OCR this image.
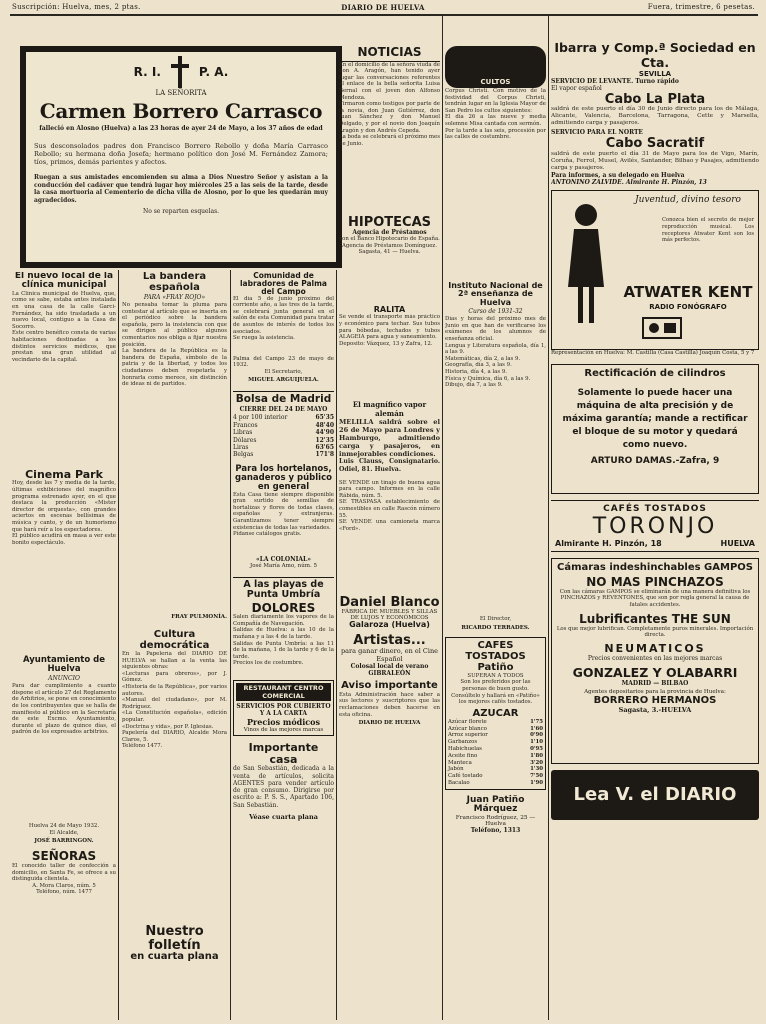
Suscripción: Huelva, mes, 2 ptas.	DIARIO DE HUELVA	Fuera, trimestre, 6 pesetas.
R. I.	P. A.
LA SEÑORITA
Carmen Borrero Carrasco
falleció en Alosno (Huelva) a las 23 horas de ayer 24 de Mayo, a los 37 años de edad
Sus desconsolados padres don Francisco Borrero Rebollo y doña María Carrasco Rebollo; su hermana doña Josefa; hermano político don José M. Fernández Zamora; tíos, primos, demás parientes y afectos.
Ruegan a sus amistades encomienden su alma a Dios Nuestro Señor y asistan a la conducción del cadáver que tendrá lugar hoy miércoles 25 a las seis de la tarde, desde la casa mortuoria al Cementerio de dicha villa de Alosno, por lo que les quedarán muy agradecidos.
No se reparten esquelas.
El nuevo local de la clínica municipal
La Clínica municipal de Huelva, que, como se sabe, estaba antes instalada en una casa de la calle Garci-Fernández, ha sido trasladada a un nuevo local, contiguo a la Casa de Socorro.
Este centro benéfico consta de varias habitaciones destinadas a los distintos servicios médicos, que prestan una gran utilidad al vecindario de la capital.
Cinema Park
Hoy, desde las 7 y media de la tarde, últimas exhibiciones del magnífico programa estrenado ayer, en el que destaca la producción «Mister director de orquesta», con grandes aciertos en escenas bellísimas de música y canto, y de un humorismo que hará reír a los espectadores.
El público acudirá en masa a ver este bonito espectáculo.
Ayuntamiento de Huelva
ANUNCIO
Para dar cumplimiento a cuanto dispone el artículo 27 del Reglamento de Arbitrios, se pone en conocimiento de los contribuyentes que se halla de manifiesto al público en la Secretaría de este Excmo. Ayuntamiento, durante el plazo de quince días, el padrón de los expresados arbitrios.
Huelva 24 de Mayo 1932.
El Alcalde,
JOSÉ BARRINGON.
SEÑORAS
El conocido taller de confección a domicilio, en Santa Fe, se ofrece a su distinguida clientela.
A. Mora Claros, núm. 5
Teléfono, núm. 1477
La bandera española
PARA «FRAY ROJO»
No pensaba tomar la pluma para contestar al artículo que se inserta en el periódico sobre la bandera española, pero la insistencia con que se dirigen al público algunos comentarios nos obliga a fijar nuestra posición.
La bandera de la República es la bandera de España, símbolo de la patria y de la libertad, y todos los ciudadanos deben respetarla y honrarla como merece, sin distinción de ideas ni de partidos.
FRAY PULMONÍA.
Cultura democrática
En la Papelería del DIARIO DE HUELVA se hallan a la venta las siguientes obras:
«Lecturas para obreros», por J. Gómez.
«Historia de la República», por varios autores.
«Manual del ciudadano», por M. Rodríguez.
«La Constitución española», edición popular.
«Doctrina y vida», por P. Iglesias.
Papelería del DIARIO, Alcalde Mora Claros, 5.
Teléfono 1477.
Nuestro folletín
en cuarta plana
Comunidad de labradores de Palma del Campo
El día 5 de junio próximo del corriente año, a las tres de la tarde, se celebrará junta general en el salón de esta Comunidad para tratar de asuntos de interés de todos los asociados.
Se ruega la asistencia.
Palma del Campo 23 de mayo de 1932.
El Secretario,
MIGUEL ARGUIJUELA.
Bolsa de Madrid
CIERRE DEL 24 DE MAYO
4 por 100 interior	65'35
Francos	48'40
Libras	44'90
Dólares	12'35
Liras	63'65
Belgas	171'8
Para los hortelanos, ganaderos y público en general
Esta Casa tiene siempre disponible gran surtido de semillas de hortalizas y flores de todas clases, españolas y extranjeras. Garantizamos tener siempre existencias de todas las variedades.
Pídanse catálogos gratis.
«LA COLONIAL»
José María Amo, núm. 5
A las playas de Punta Umbría
DOLORES
Salen diariamente los vapores de la Compañía de Navegación.
Salidas de Huelva: a las 10 de la mañana y a las 4 de la tarde.
Salidas de Punta Umbría: a las 11 de la mañana, 1 de la tarde y 6 de la tarde.
Precios los de costumbre.
RESTAURANT CENTRO COMERCIAL
SERVICIOS POR CUBIERTO Y A LA CARTA
Precios módicos
Vinos de las mejores marcas
Importante casa
de San Sebastián, dedicada a la venta de artículos, solicita AGENTES para vender artículo de gran consumo. Dirigirse por escrito a: P. S. S., Apartado 106, San Sebastián.
Véase cuarta plana
NOTICIAS
En el domicilio de la señora viuda de don A. Aragón, han tenido ayer lugar las conversaciones referentes al enlace de la bella señorita Luisa Bernal con el joven don Alfonso Mendoza.
Firmaron como testigos por parte de la novia, don Juan Gutiérrez, don Juan Sánchez y don Manuel Delgado, y por el novio don Joaquín Aragón y don Andrés Cepeda.
La boda se celebrará el próximo mes de Junio.
HIPOTECAS
Agencia de Préstamos
con el Banco Hipotecario de España.
Agencia de Préstamos Domínguez. Sagasta, 41 — Huelva.
RALITA
Se vende el transporte más práctico y económico para techar. Sus tubos para bóbedas, techados y tubos ALAGEIA para agua y saneamiento.
Deposito: Vázquez, 13 y Zafra, 12.
El magnífico vapor alemán
MELILLA saldrá sobre el 26 de Mayo para Londres y Hamburgo, admitiendo carga y pasajeros, en inmejorables condiciones.
Luis Clauss, Consignatario. Odiel, 81. Huelva.
SE VENDE un tinajo de buena agua para campo. Informes en la calle Rábida, núm. 5.
SE TRASPASA establecimiento de comestibles en calle Rascón número 55.
SE VENDE una camioneta marca «Ford».
Daniel Blanco
FÁBRICA DE MUEBLES Y SILLAS DE LUJOS Y ECONÓMICOS
Galaroza (Huelva)
Artistas...
para ganar dinero, en el Cine Español
Colosal local de verano GIBRALEÓN
Aviso importante
Esta Administración hace saber a sus lectores y suscriptores que las reclamaciones deben hacerse en esta oficina.
DIARIO DE HUELVA
CULTOS
Corpus Christi. Con motivo de la festividad del Corpus Christi, tendrán lugar en la Iglesia Mayor de San Pedro los cultos siguientes:
El día 26 a las nueve y media solemne Misa cantada con sermón.
Por la tarde a las seis, procesión por las calles de costumbre.
Instituto Nacional de 2ª enseñanza de Huelva
Curso de 1931-32
Días y horas del próximo mes de Junio en que han de verificarse los exámenes de los alumnos de enseñanza oficial.
Lengua y Literatura española, día 1, a las 9.
Matemáticas, día 2, a las 9.
Geografía, día 3, a las 9.
Historia, día 4, a las 9.
Física y Química, día 6, a las 9.
Dibujo, día 7, a las 9.
El Director,
RICARDO TERRADES.
CAFES TOSTADOS Patiño
SUPERAN A TODOS
Son los preferidos por las personas de buen gusto. Consúltelo y hallará en «Patiño» los mejores cafés tostados.
AZUCAR
Azúcar florete	1'75
Azúcar blanco	1'60
Arroz superior	0'90
Garbanzos	1'10
Habichuelas	0'95
Aceite fino	1'80
Manteca	3'20
Jabón	1'30
Café tostado	7'50
Bacalao	1'90
Juan Patiño Márquez
Francisco Rodríguez, 25 — Huelva
Teléfono, 1313
Ibarra y Comp.ª Sociedad en Cta.
SEVILLA
SERVICIO DE LEVANTE. Turno rápido
El vapor español
Cabo La Plata
saldrá de este puerto el día 30 de Junio directo para los de Málaga, Alicante, Valencia, Barcelona, Tarragona, Cette y Marsella, admitiendo carga y pasajeros.
SERVICIO PARA EL NORTE
Cabo Sacratif
saldrá de este puerto el día 31 de Mayo para los de Vigo, Marín, Coruña, Ferrol, Musel, Avilés, Santander, Bilbao y Pasajes, admitiendo carga y pasajeros.
Para informes, a su delegado en Huelva
ANTONINO ZALVIDE. Almirante H. Pinzón, 13
Juventud, divino tesoro
Conozca bien el secreto de mejor reproducción musical. Los receptores Atwater Kent son los más perfectos.
ATWATER KENT
RADIO FONÓGRAFO
Representación en Huelva: M. Castilla (Casa Castilla) Joaquín Costa, 5 y 7
Rectificación de cilindros
Solamente lo puede hacer una máquina de alta precisión y de máxima garantía; mande a rectificar el bloque de su motor y quedará como nuevo.
ARTURO DAMAS.-Zafra, 9
CAFÉS TOSTADOS
TORONJO
Almirante H. Pinzón, 18	HUELVA
Cámaras indeshinchables GAMPOS
NO MAS PINCHAZOS
Con las cámaras GAMPOS se eliminarán de una manera definitiva los PINCHAZOS y REVENTONES, que son por regla general la causa de fatales accidentes.
Lubrificantes THE SUN
Los que mejor lubrifican. Completamente puros minerales. Importación directa.
NEUMATICOS
Precios convenientes en las mejores marcas
GONZALEZ Y OLABARRI
MADRID — BILBAO
Agentes depositarios para la provincia de Huelva:
BORRERO HERMANOS
Sagasta, 3.-HUELVA
Lea V. el DIARIO
